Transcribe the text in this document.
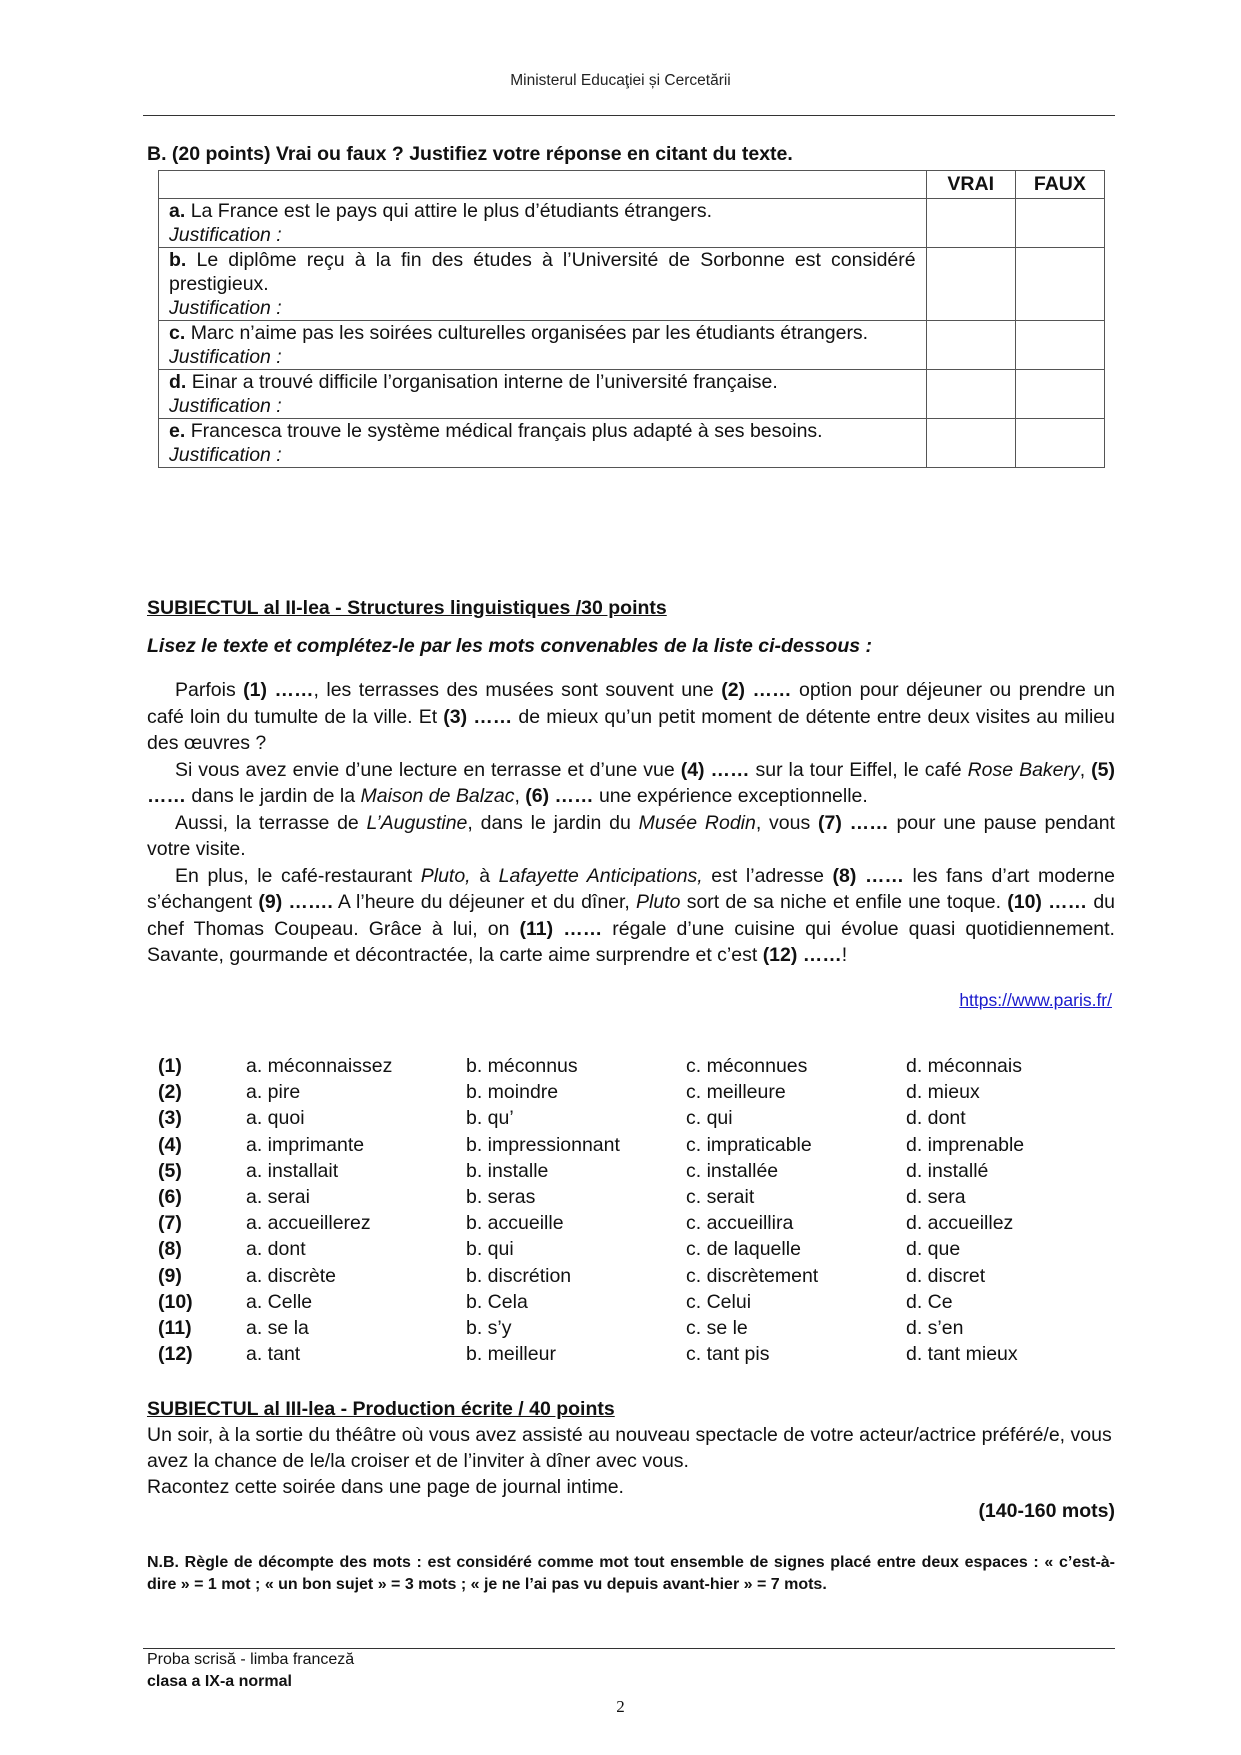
Ministerul Educaţiei și Cercetării
B. (20 points) Vrai ou faux ? Justifiez votre réponse en citant du texte.
	VRAI	FAUX
a. La France est le pays qui attire le plus d’étudiants étrangers.
Justification :		

b. Le diplôme reçu à la fin des études à l’Université de Sorbonne est considéré prestigieux.
Justification :		

c. Marc n’aime pas les soirées culturelles organisées par les étudiants étrangers.
Justification :		

d. Einar a trouvé difficile l’organisation interne de l’université française.
Justification :		

e. Francesca trouve le système médical français plus adapté à ses besoins.
Justification :		

SUBIECTUL al II-lea - Structures linguistiques /30 points
Lisez le texte et complétez-le par les mots convenables de la liste ci-dessous :

Parfois (1) ……, les terrasses des musées sont souvent une (2) …… option pour déjeuner ou prendre un café loin du tumulte de la ville. Et (3) …… de mieux qu’un petit moment de détente entre deux visites au milieu des œuvres ?

Si vous avez envie d’une lecture en terrasse et d’une vue (4) …… sur la tour Eiffel, le café Rose Bakery, (5) …… dans le jardin de la Maison de Balzac, (6) …… une expérience exceptionnelle.

Aussi, la terrasse de L’Augustine, dans le jardin du Musée Rodin, vous (7) …… pour une pause pendant votre visite.

En plus, le café-restaurant Pluto, à Lafayette Anticipations, est l’adresse (8) …… les fans d’art moderne s’échangent (9) ……. A l’heure du déjeuner et du dîner, Pluto sort de sa niche et enfile une toque. (10) …… du chef Thomas Coupeau. Grâce à lui, on (11) …… régale d’une cuisine qui évolue quasi quotidiennement. Savante, gourmande et décontractée, la carte aime surprendre et c’est (12) ……!

https://www.paris.fr/
(1)	a. méconnaissez	b. méconnus	c. méconnues	d. méconnais
(2)	a. pire	b. moindre	c. meilleure	d. mieux
(3)	a. quoi	b. qu’	c. qui	d. dont
(4)	a. imprimante	b. impressionnant	c. impraticable	d. imprenable
(5)	a. installait	b. installe	c. installée	d. installé
(6)	a. serai	b. seras	c. serait	d. sera
(7)	a. accueillerez	b. accueille	c. accueillira	d. accueillez
(8)	a. dont	b. qui	c. de laquelle	d. que
(9)	a. discrète	b. discrétion	c. discrètement	d. discret
(10)	a. Celle	b. Cela	c. Celui	d. Ce
(11)	a. se la	b. s’y	c. se le	d. s’en
(12)	a. tant	b. meilleur	c. tant pis	d. tant mieux
SUBIECTUL al III-lea - Production écrite / 40 points
Un soir, à la sortie du théâtre où vous avez assisté au nouveau spectacle de votre acteur/actrice préféré/e, vous avez la chance de le/la croiser et de l’inviter à dîner avec vous.
Racontez cette soirée dans une page de journal intime.
(140-160 mots)
N.B. Règle de décompte des mots : est considéré comme mot tout ensemble de signes placé entre deux espaces : « c’est-à-dire » = 1 mot ; « un bon sujet » = 3 mots ; « je ne l’ai pas vu depuis avant-hier » = 7 mots.
Proba scrisă - limba franceză
clasa a IX-a normal
2
